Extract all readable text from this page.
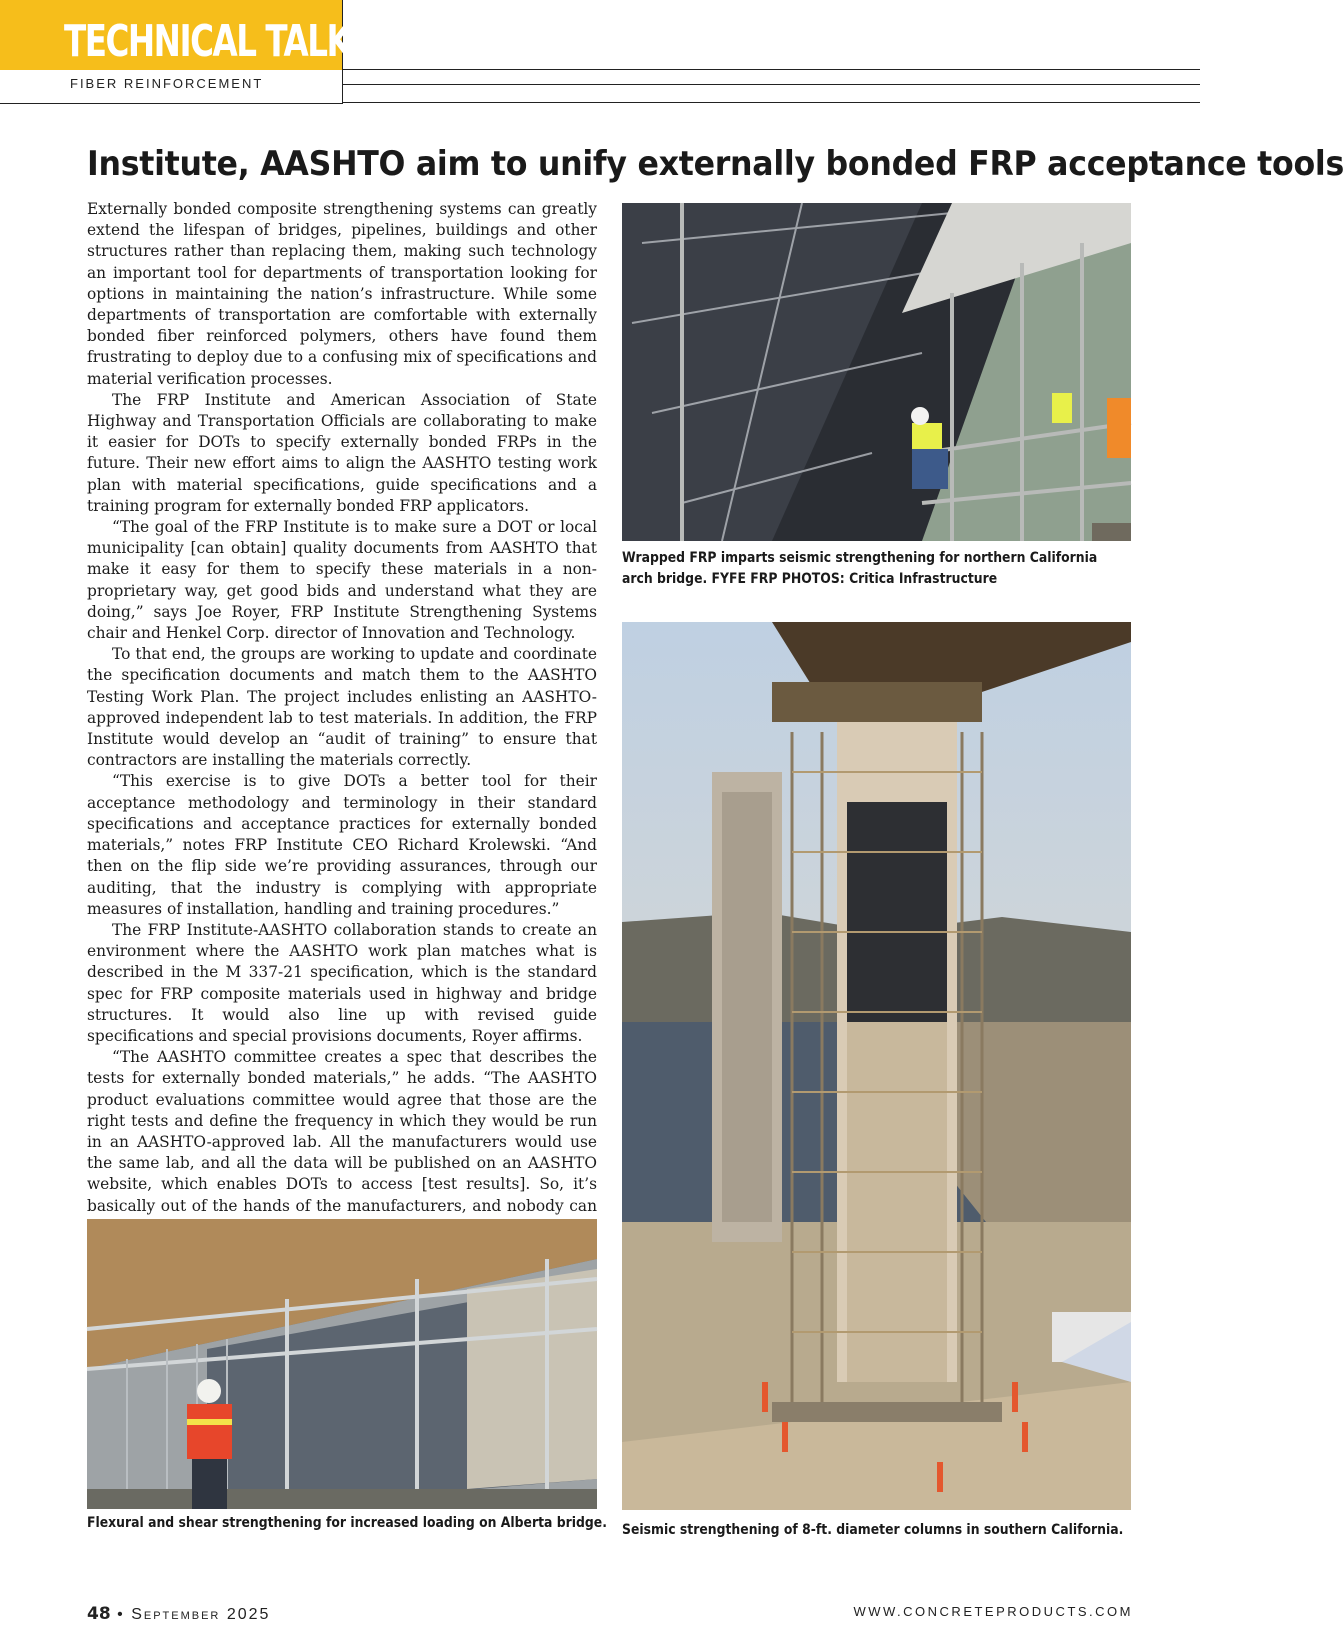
TECHNICAL TALK
FIBER REINFORCEMENT
Institute, AASHTO aim to unify externally bonded FRP acceptance tools

Externally bonded composite strengthening systems can greatly extend the lifespan of bridges, pipelines, buildings and other structures rather than replacing them, making such technology an important tool for departments of transportation looking for options in maintaining the nation’s infrastructure. While some departments of transportation are comfortable with externally bonded fiber reinforced polymers, others have found them frustrating to deploy due to a confusing mix of specifications and material verification processes.

The FRP Institute and American Association of State Highway and Transportation Officials are collaborating to make it easier for DOTs to specify externally bonded FRPs in the future. Their new effort aims to align the AASHTO testing work plan with material specifications, guide specifications and a training program for externally bonded FRP applicators.

“The goal of the FRP Institute is to make sure a DOT or local municipality [can obtain] quality documents from AASHTO that make it easy for them to specify these materials in a non-proprietary way, get good bids and understand what they are doing,” says Joe Royer, FRP Institute Strengthening Systems chair and Henkel Corp. director of Innovation and Technology.

To that end, the groups are working to update and coordinate the specification documents and match them to the AASHTO Testing Work Plan. The project includes enlisting an AASHTO-approved independent lab to test materials. In addition, the FRP Institute would develop an “audit of training” to ensure that contractors are installing the materials correctly.

“This exercise is to give DOTs a better tool for their acceptance methodology and terminology in their standard specifications and acceptance practices for externally bonded materials,” notes FRP Institute CEO Richard Krolewski. “And then on the flip side we’re providing assurances, through our auditing, that the industry is complying with appropriate measures of installation, handling and training procedures.”

The FRP Institute-AASHTO collaboration stands to create an environment where the AASHTO work plan matches what is described in the M 337-21 specification, which is the standard spec for FRP composite materials used in highway and bridge structures. It would also line up with revised guide specifications and special provisions documents, Royer affirms.

“The AASHTO committee creates a spec that describes the tests for externally bonded materials,” he adds. “The AASHTO product evaluations committee would agree that those are the right tests and define the frequency in which they would be run in an AASHTO-approved lab. All the manufacturers would use the same lab, and all the data will be published on an AASHTO website, which enables DOTs to access [test results]. So, it’s basically out of the hands of the manufacturers, and nobody can

Wrapped FRP imparts seismic strengthening for northern California arch bridge. FYFE FRP PHOTOS: Critica Infrastructure
Seismic strengthening of 8-ft. diameter columns in southern California.
Flexural and shear strengthening for increased loading on Alberta bridge.
48 • September 2025	WWW.CONCRETEPRODUCTS.COM
